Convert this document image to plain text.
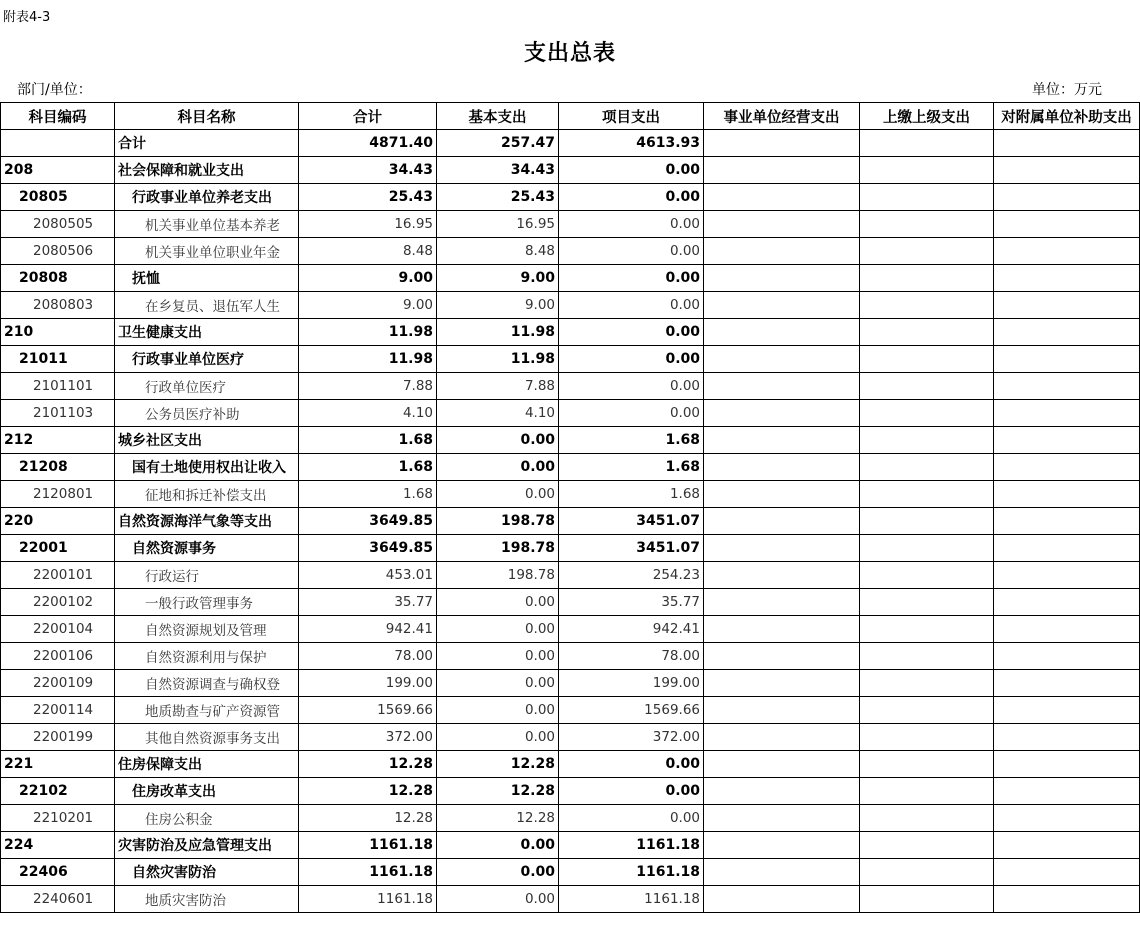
附表4-3
支出总表
部门/单位：	单位：万元
科目编码	科目名称	合计	基本支出	项目支出	事业单位经营支出	上缴上级支出	对附属单位补助支出
	合计	4871.40	257.47	4613.93			
208	社会保障和就业支出	34.43	34.43	0.00			
20805	行政事业单位养老支出	25.43	25.43	0.00			
2080505	机关事业单位基本养老	16.95	16.95	0.00			
2080506	机关事业单位职业年金	8.48	8.48	0.00			
20808	抚恤	9.00	9.00	0.00			
2080803	在乡复员、退伍军人生	9.00	9.00	0.00			
210	卫生健康支出	11.98	11.98	0.00			
21011	行政事业单位医疗	11.98	11.98	0.00			
2101101	行政单位医疗	7.88	7.88	0.00			
2101103	公务员医疗补助	4.10	4.10	0.00			
212	城乡社区支出	1.68	0.00	1.68			
21208	国有土地使用权出让收入	1.68	0.00	1.68			
2120801	征地和拆迁补偿支出	1.68	0.00	1.68			
220	自然资源海洋气象等支出	3649.85	198.78	3451.07			
22001	自然资源事务	3649.85	198.78	3451.07			
2200101	行政运行	453.01	198.78	254.23			
2200102	一般行政管理事务	35.77	0.00	35.77			
2200104	自然资源规划及管理	942.41	0.00	942.41			
2200106	自然资源利用与保护	78.00	0.00	78.00			
2200109	自然资源调查与确权登	199.00	0.00	199.00			
2200114	地质勘查与矿产资源管	1569.66	0.00	1569.66			
2200199	其他自然资源事务支出	372.00	0.00	372.00			
221	住房保障支出	12.28	12.28	0.00			
22102	住房改革支出	12.28	12.28	0.00			
2210201	住房公积金	12.28	12.28	0.00			
224	灾害防治及应急管理支出	1161.18	0.00	1161.18			
22406	自然灾害防治	1161.18	0.00	1161.18			
2240601	地质灾害防治	1161.18	0.00	1161.18			
